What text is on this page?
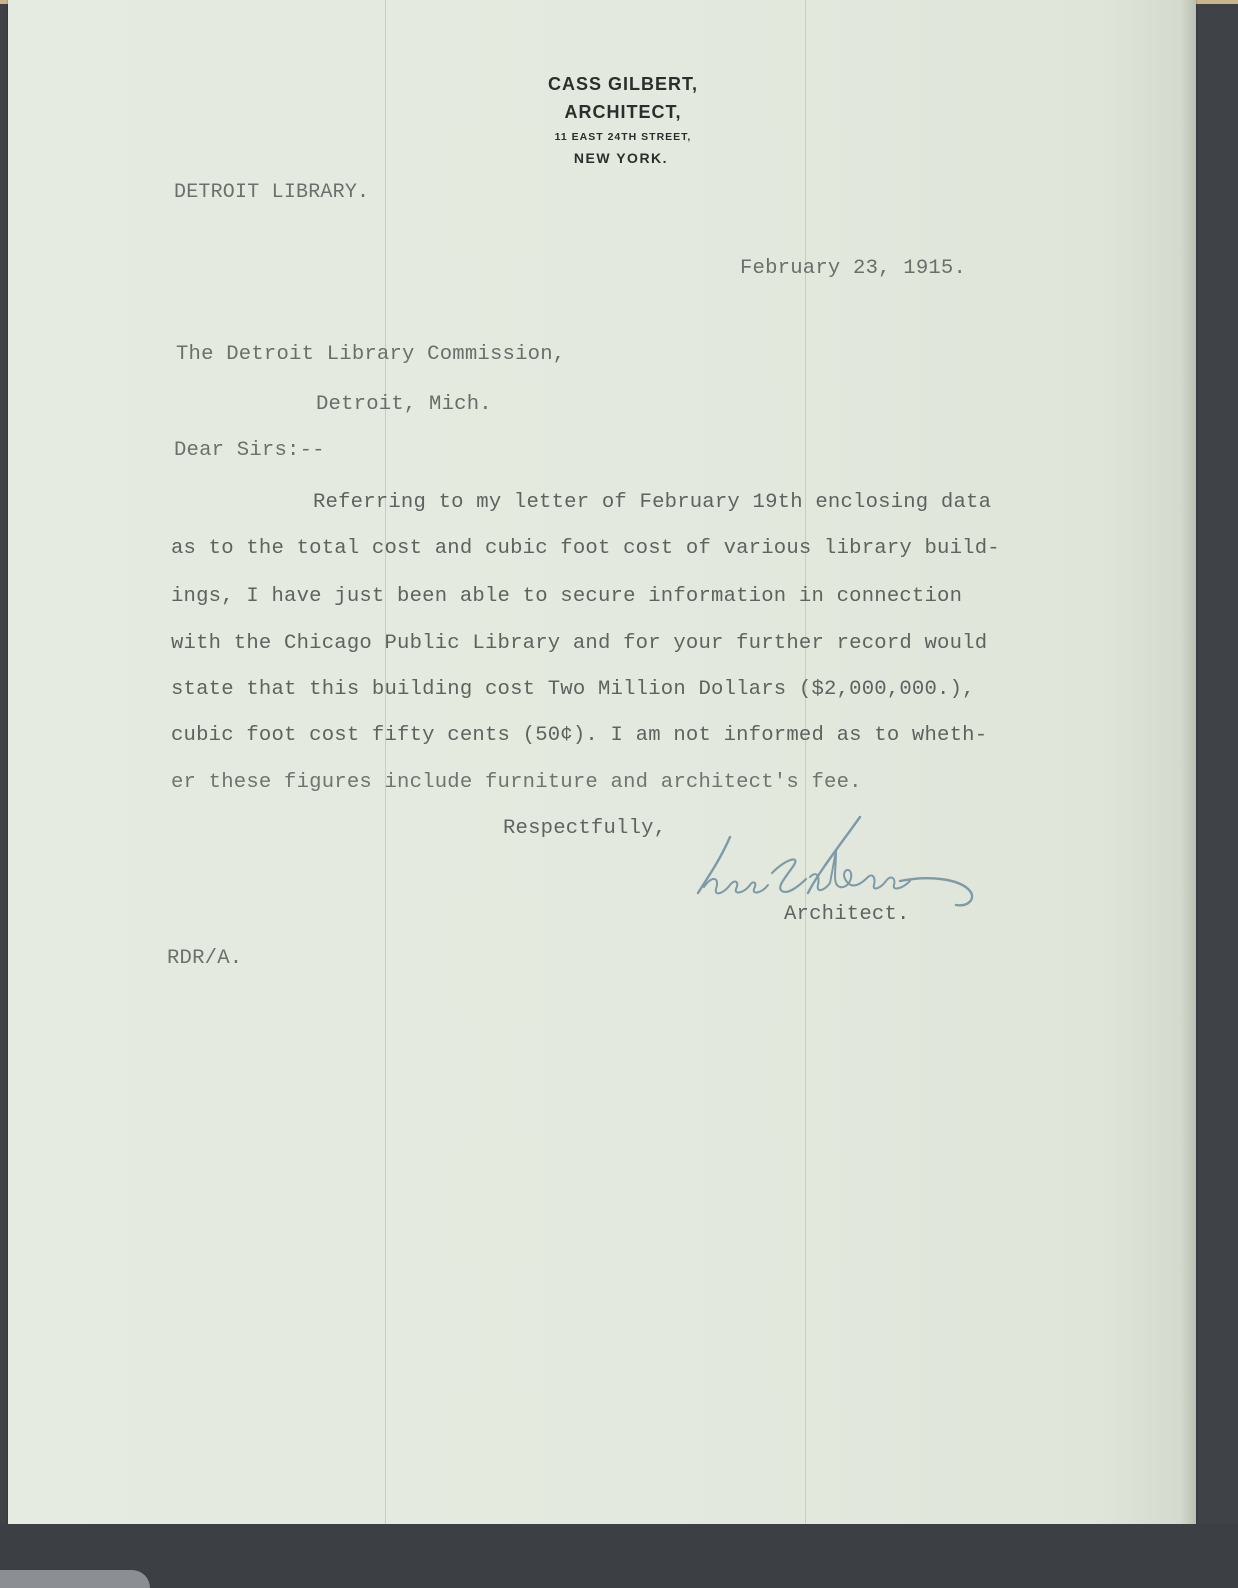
CASS GILBERT,
ARCHITECT,
11 EAST 24TH STREET,
NEW YORK.
DETROIT LIBRARY.
February 23, 1915.
The Detroit Library Commission,
Detroit, Mich.
Dear Sirs:--
Referring to my letter of February 19th enclosing data
as to the total cost and cubic foot cost of various library build-
ings, I have just been able to secure information in connection
with the Chicago Public Library and for your further record would
state that this building cost Two Million Dollars ($2,000,000.),
cubic foot cost fifty cents (50¢). I am not informed as to wheth-
er these figures include furniture and architect's fee.
Respectfully,
Architect.
RDR/A.
